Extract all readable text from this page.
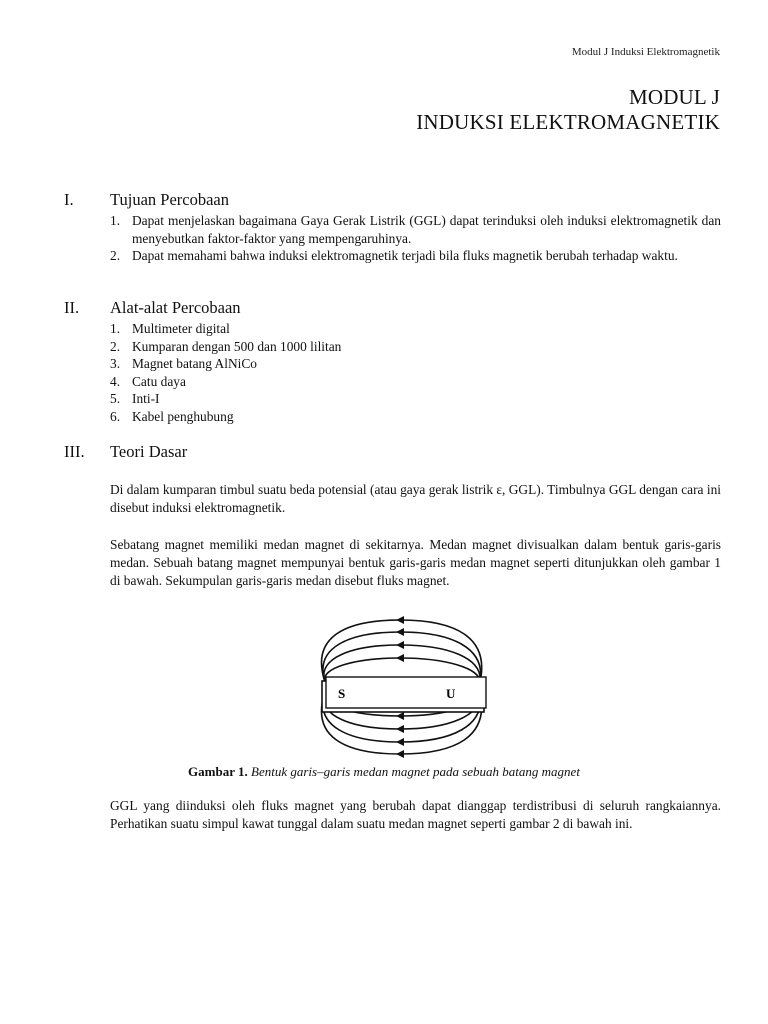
Modul J Induksi Elektromagnetik
MODUL J
INDUKSI ELEKTROMAGNETIK
I.	Tujuan Percobaan
1. Dapat menjelaskan bagaimana Gaya Gerak Listrik (GGL) dapat terinduksi oleh induksi elektromagnetik dan menyebutkan faktor-faktor yang mempengaruhinya.
2. Dapat memahami bahwa induksi elektromagnetik terjadi bila fluks magnetik berubah terhadap waktu.
II.	Alat-alat Percobaan
1. Multimeter digital
2. Kumparan dengan 500 dan 1000 lilitan
3. Magnet batang AlNiCo
4. Catu daya
5. Inti-I
6. Kabel penghubung
III.	Teori Dasar

Di dalam kumparan timbul suatu beda potensial (atau gaya gerak listrik ε, GGL). Timbulnya GGL dengan cara ini disebut induksi elektromagnetik.

Sebatang magnet memiliki medan magnet di sekitarnya. Medan magnet divisualkan dalam bentuk garis-garis medan. Sebuah batang magnet mempunyai bentuk garis-garis medan magnet seperti ditunjukkan oleh gambar 1 di bawah. Sekumpulan garis-garis medan disebut fluks magnet.

S	U
Gambar 1. Bentuk garis–garis medan magnet pada sebuah batang magnet

GGL yang diinduksi oleh fluks magnet yang berubah dapat dianggap terdistribusi di seluruh rangkaiannya. Perhatikan suatu simpul kawat tunggal dalam suatu medan magnet seperti gambar 2 di bawah ini.
